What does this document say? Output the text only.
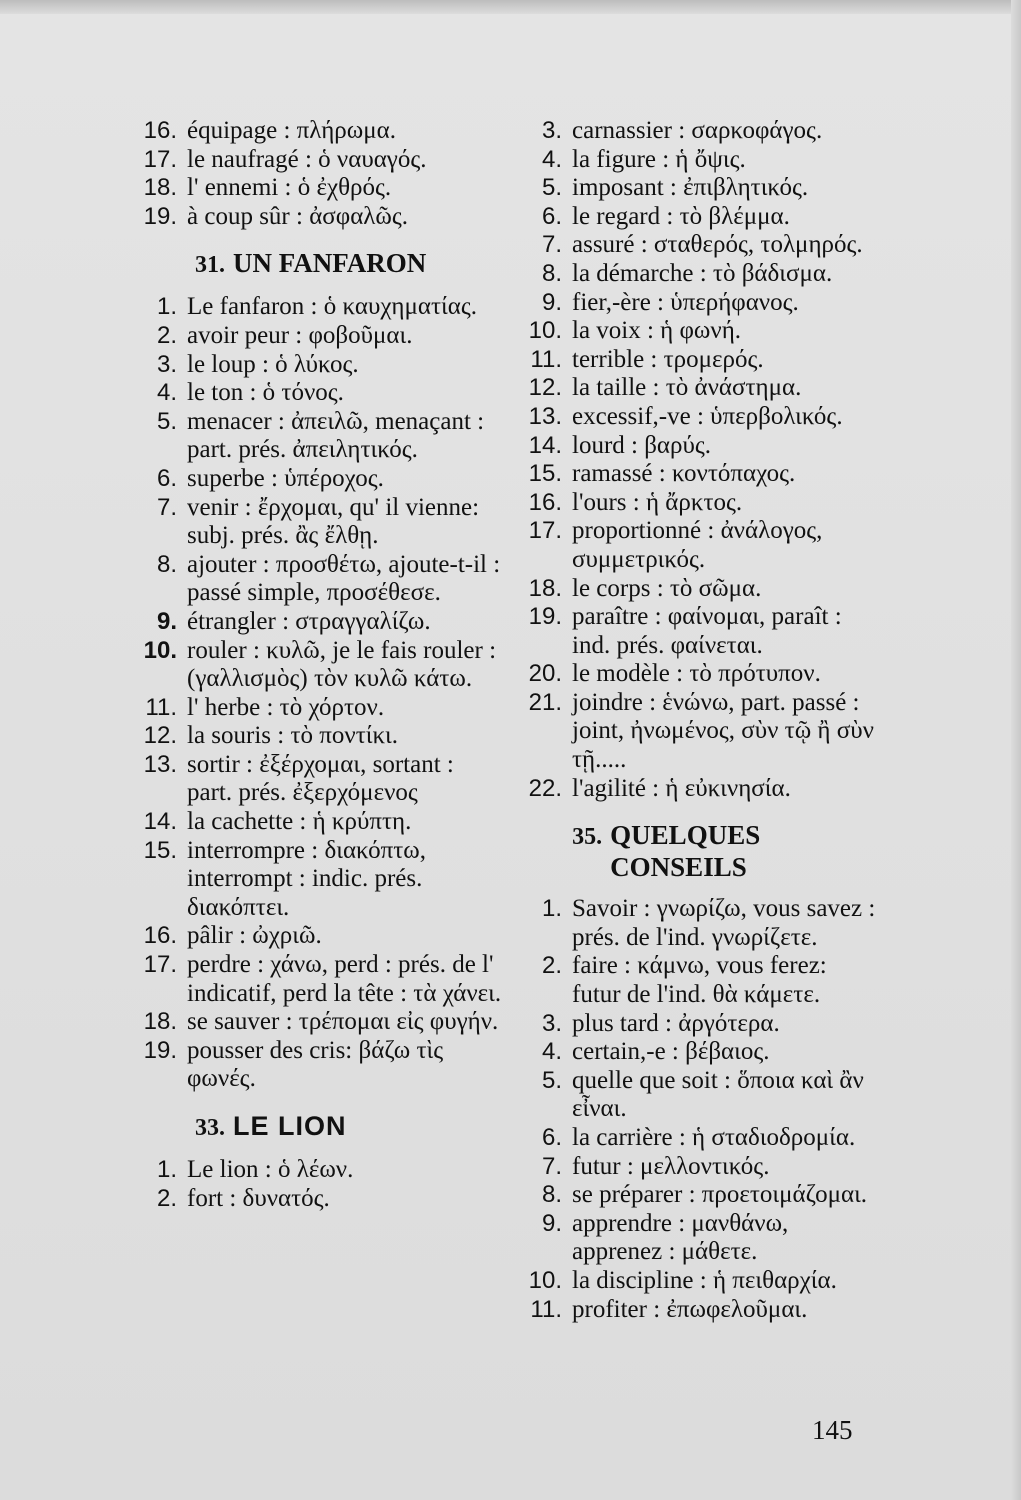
16. équipage : πλήρωμα.
17. le naufragé : ὁ ναυαγός.
18. l' ennemi : ὁ ἐχθρός.
19. à coup sûr : ἀσφαλῶς.
31. UN FANFARON
1. Le fanfaron : ὁ καυχηματίας.
2. avoir peur : φοβοῦμαι.
3. le loup : ὁ λύκος.
4. le ton : ὁ τόνος.
5. menacer : ἀπειλῶ, menaçant : part. prés. ἀπειλητικός.
6. superbe : ὑπέροχος.
7. venir : ἔρχομαι, qu' il vienne: subj. prés. ἂς ἔλθῃ.
8. ajouter : προσθέτω, ajoute-t-il : passé simple, προσέθεσε.
9. étrangler : στραγγαλίζω.
10. rouler : κυλῶ, je le fais rouler : (γαλλισμὸς) τὸν κυλῶ κάτω.
11. l' herbe : τὸ χόρτον.
12. la souris : τὸ ποντίκι.
13. sortir : ἐξέρχομαι, sortant : part. prés. ἐξερχόμενος
14. la cachette : ἡ κρύπτη.
15. interrompre : διακόπτω, interrompt : indic. prés. διακόπτει.
16. pâlir : ὠχριῶ.
17. perdre : χάνω, perd : prés. de l' indicatif, perd la tête : τὰ χάνει.
18. se sauver : τρέπομαι εἰς φυγήν.
19. pousser des cris: βάζω τὶς φωνές.
33. LE LION
1. Le lion : ὁ λέων.
2. fort : δυνατός.
3. carnassier : σαρκοφάγος.
4. la figure : ἡ ὄψις.
5. imposant : ἐπιβλητικός.
6. le regard : τὸ βλέμμα.
7. assuré : σταθερός, τολμηρός.
8. la démarche : τὸ βάδισμα.
9. fier,-ère : ὑπερήφανος.
10. la voix : ἡ φωνή.
11. terrible : τρομερός.
12. la taille : τὸ ἀνάστημα.
13. excessif,-ve : ὑπερβολικός.
14. lourd : βαρύς.
15. ramassé : κοντόπαχος.
16. l'ours : ἡ ἄρκτος.
17. proportionné : ἀνάλογος, συμμετρικός.
18. le corps : τὸ σῶμα.
19. paraître : φαίνομαι, paraît : ind. prés. φαίνεται.
20. le modèle : τὸ πρότυπον.
21. joindre : ἑνώνω, part. passé : joint, ἠνωμένος, σὺν τῷ ἢ σὺν τῇ.....
22. l'agilité : ἡ εὐκινησία.
35. QUELQUES CONSEILS
1. Savoir : γνωρίζω, vous savez : prés. de l'ind. γνωρίζετε.
2. faire : κάμνω, vous ferez: futur de l'ind. θὰ κάμετε.
3. plus tard : ἀργότερα.
4. certain,-e : βέβαιος.
5. quelle que soit : ὅποια καὶ ἂν εἶναι.
6. la carrière : ἡ σταδιοδρομία.
7. futur : μελλοντικός.
8. se préparer : προετοιμάζομαι.
9. apprendre : μανθάνω, apprenez : μάθετε.
10. la discipline : ἡ πειθαρχία.
11. profiter : ἐπωφελοῦμαι.
145
